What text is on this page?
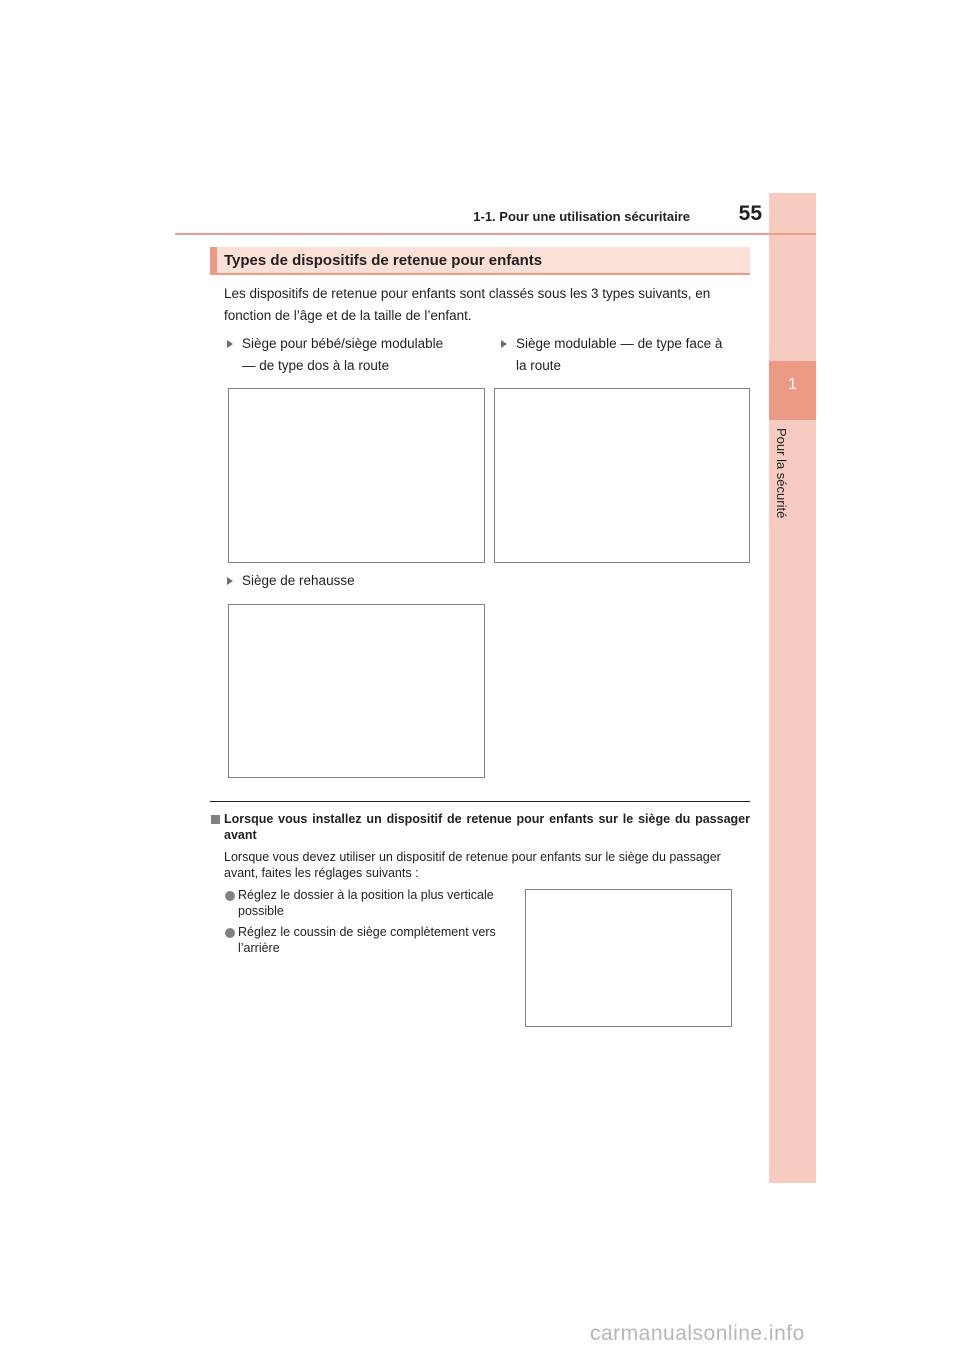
1
Pour la sécurité
1-1. Pour une utilisation sécuritaire	55
Types de dispositifs de retenue pour enfants
Les dispositifs de retenue pour enfants sont classés sous les 3 types suivants, en fonction de l’âge et de la taille de l’enfant.
Siège pour bébé/siège modulable
— de type dos à la route
Siège modulable — de type face à
la route
Siège de rehausse
Lorsque vous installez un dispositif de retenue pour enfants sur le siège du passager avant
Lorsque vous devez utiliser un dispositif de retenue pour enfants sur le siège du passager avant, faites les réglages suivants :
Réglez le dossier à la position la plus verticale possible
Réglez le coussin de siège complètement vers l’arrière
carmanualsonline.info
